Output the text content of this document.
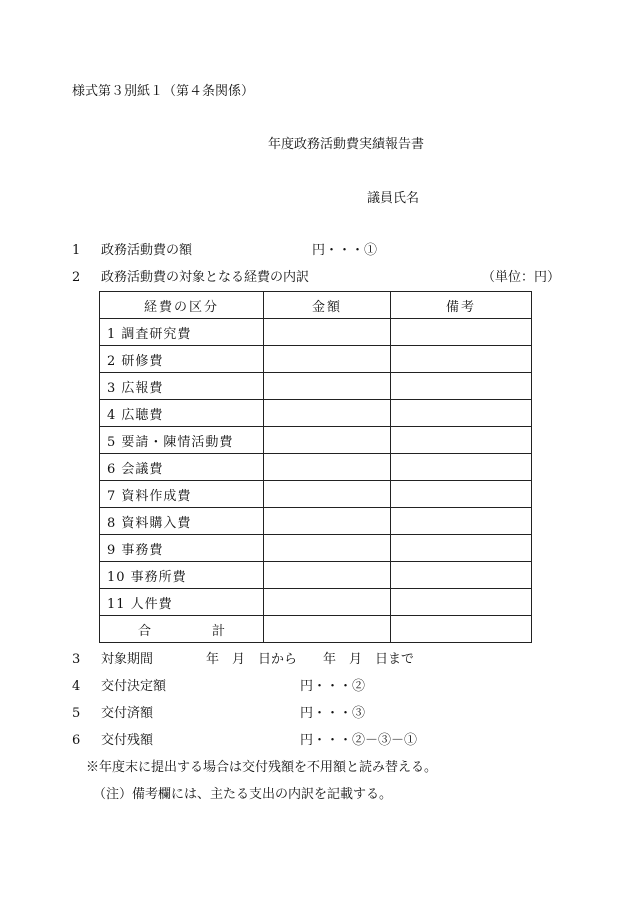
様式第３別紙１（第４条関係）
年度政務活動費実績報告書
議員氏名
1	政務活動費の額	円・・・①
2	政務活動費の対象となる経費の内訳	（単位：円）
経費の区分	金額	備考
1 調査研究費		
2 研修費		
3 広報費		
4 広聴費		
5 要請・陳情活動費		
6 会議費		
7 資料作成費		
8 資料購入費		
9 事務費		
10 事務所費		
11 人件費		
合 計		
3	対象期間	年　月　日から　　年　月　日まで
4	交付決定額	円・・・②
5	交付済額	円・・・③
6	交付残額	円・・・②－③－①
※年度末に提出する場合は交付残額を不用額と読み替える。
（注）備考欄には、主たる支出の内訳を記載する。
